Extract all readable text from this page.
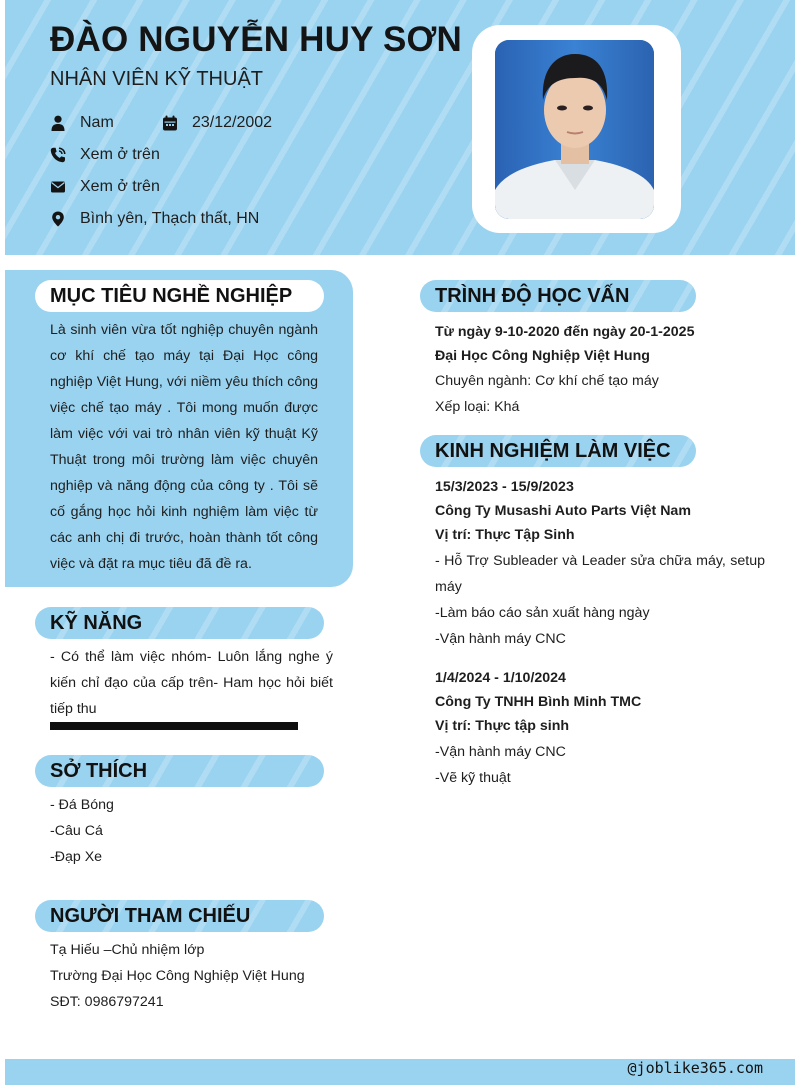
ĐÀO NGUYỄN HUY SƠN
NHÂN VIÊN KỸ THUẬT
Nam	23/12/2002
Xem ở trên
Xem ở trên
Bình yên, Thạch thất, HN
MỤC TIÊU NGHỀ NGHIỆP
Là sinh viên vừa tốt nghiệp chuyên ngành cơ khí chế tạo máy tại Đại Học công nghiệp Việt Hung, với niềm yêu thích công việc chế tạo máy . Tôi mong muốn được làm việc với vai trò nhân viên kỹ thuật Kỹ Thuật trong môi trường làm việc chuyên nghiệp và năng động của công ty . Tôi sẽ cố gắng học hỏi kinh nghiệm làm việc từ các anh chị đi trước, hoàn thành tốt công việc và đặt ra mục tiêu đã đề ra.
KỸ NĂNG
- Có thể làm việc nhóm- Luôn lắng nghe ý kiến chỉ đạo của cấp trên- Ham học hỏi biết tiếp thu
SỞ THÍCH
- Đá Bóng
-Câu Cá
-Đạp Xe
NGƯỜI THAM CHIẾU
Tạ Hiếu –Chủ nhiệm lớp
Trường Đại Học Công Nghiệp Việt Hung
SĐT: 0986797241
TRÌNH ĐỘ HỌC VẤN
Từ ngày 9-10-2020 đến ngày 20-1-2025
Đại Học Công Nghiệp Việt Hung
Chuyên ngành: Cơ khí chế tạo máy
Xếp loại: Khá
KINH NGHIỆM LÀM VIỆC
15/3/2023 - 15/9/2023
Công Ty Musashi Auto Parts Việt Nam
Vị trí: Thực Tập Sinh
- Hỗ Trợ Subleader và Leader sửa chữa máy, setup máy
-Làm báo cáo sản xuất hàng ngày
-Vận hành máy CNC
1/4/2024 - 1/10/2024
Công Ty TNHH Bình Minh TMC
Vị trí: Thực tập sinh
-Vận hành máy CNC
-Vẽ kỹ thuật
@joblike365.com
